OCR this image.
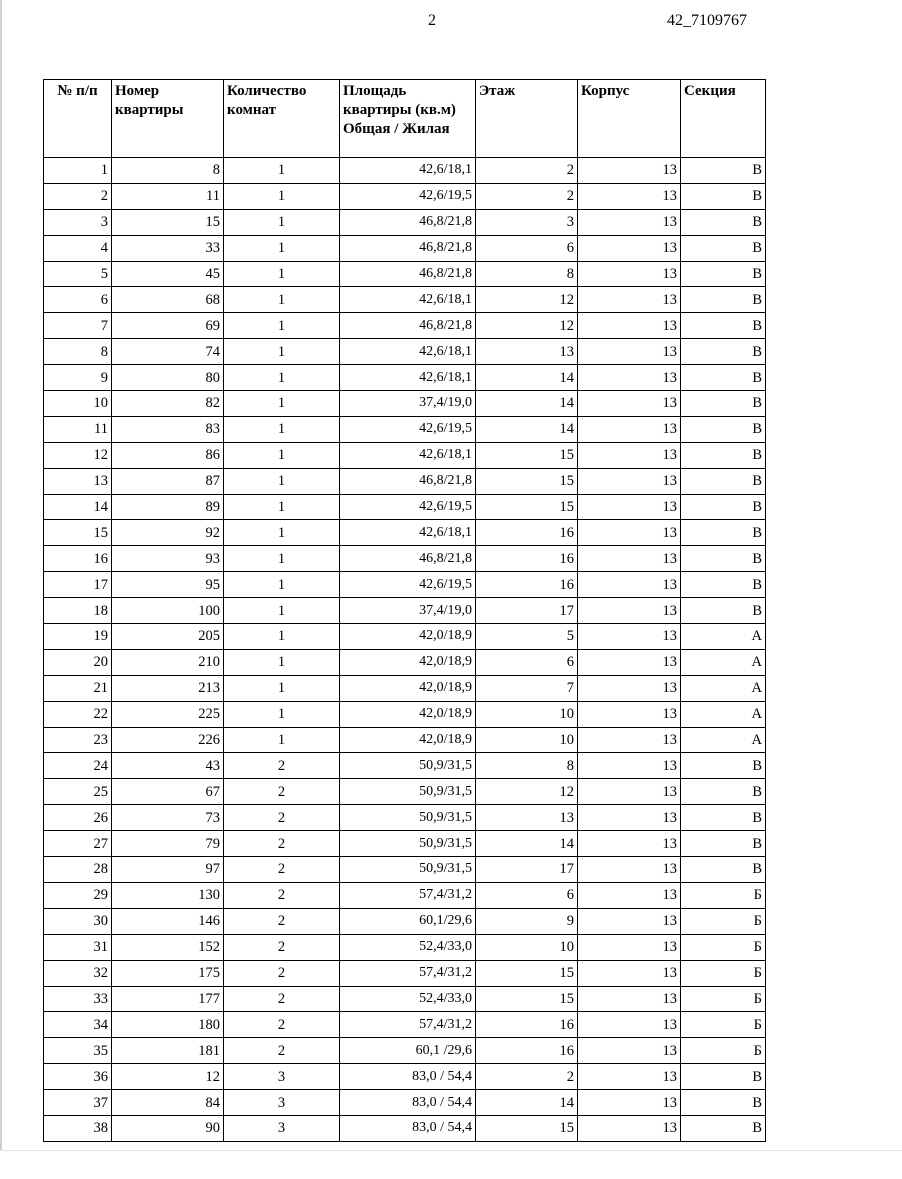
2	42_7109767
№ п/п	Номер квартиры	Количество комнат	Площадь квартиры (кв.м) Общая / Жилая	Этаж	Корпус	Секция
1	8	1	42,6/18,1	2	13	В
2	11	1	42,6/19,5	2	13	В
3	15	1	46,8/21,8	3	13	В
4	33	1	46,8/21,8	6	13	В
5	45	1	46,8/21,8	8	13	В
6	68	1	42,6/18,1	12	13	В
7	69	1	46,8/21,8	12	13	В
8	74	1	42,6/18,1	13	13	В
9	80	1	42,6/18,1	14	13	В
10	82	1	37,4/19,0	14	13	В
11	83	1	42,6/19,5	14	13	В
12	86	1	42,6/18,1	15	13	В
13	87	1	46,8/21,8	15	13	В
14	89	1	42,6/19,5	15	13	В
15	92	1	42,6/18,1	16	13	В
16	93	1	46,8/21,8	16	13	В
17	95	1	42,6/19,5	16	13	В
18	100	1	37,4/19,0	17	13	В
19	205	1	42,0/18,9	5	13	А
20	210	1	42,0/18,9	6	13	А
21	213	1	42,0/18,9	7	13	А
22	225	1	42,0/18,9	10	13	А
23	226	1	42,0/18,9	10	13	А
24	43	2	50,9/31,5	8	13	В
25	67	2	50,9/31,5	12	13	В
26	73	2	50,9/31,5	13	13	В
27	79	2	50,9/31,5	14	13	В
28	97	2	50,9/31,5	17	13	В
29	130	2	57,4/31,2	6	13	Б
30	146	2	60,1/29,6	9	13	Б
31	152	2	52,4/33,0	10	13	Б
32	175	2	57,4/31,2	15	13	Б
33	177	2	52,4/33,0	15	13	Б
34	180	2	57,4/31,2	16	13	Б
35	181	2	60,1 /29,6	16	13	Б
36	12	3	83,0 / 54,4	2	13	В
37	84	3	83,0 / 54,4	14	13	В
38	90	3	83,0 / 54,4	15	13	В
